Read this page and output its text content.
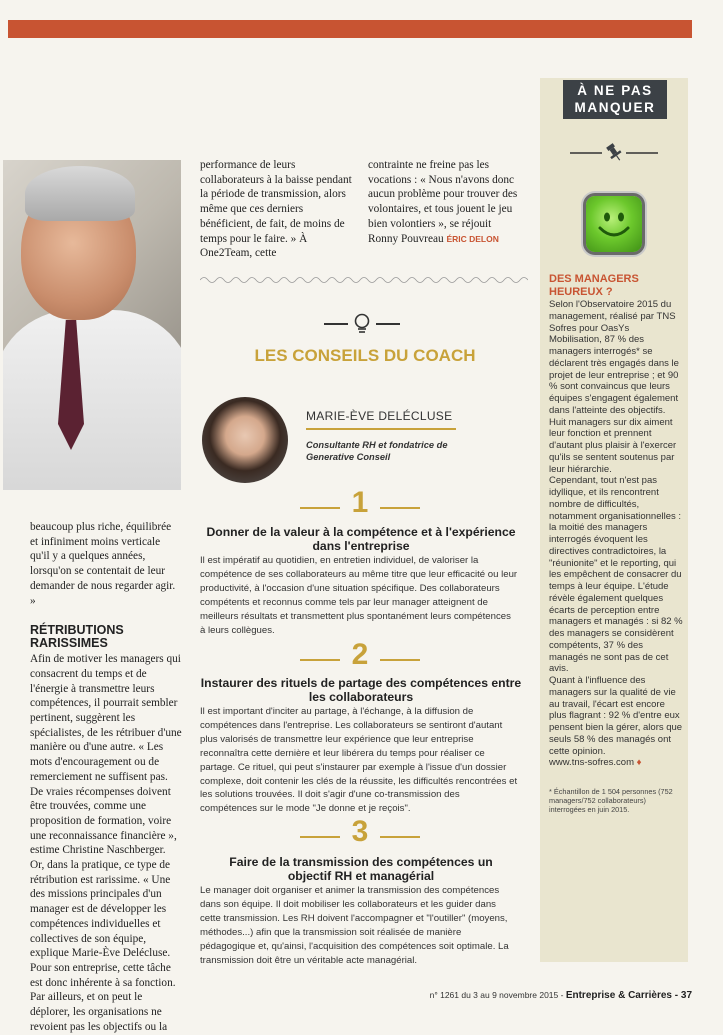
performance de leurs collaborateurs à la baisse pendant la période de transmission, alors même que ces derniers bénéficient, de fait, de moins de temps pour le faire. » À One2Team, cette
contrainte ne freine pas les vocations : « Nous n'avons donc aucun problème pour trouver des volontaires, et tous jouent le jeu bien volontiers », se réjouit Ronny Pouvreau ÉRIC DELON
LES CONSEILS DU COACH
MARIE-ÈVE DELÉCLUSE
Consultante RH et fondatrice de Generative Conseil
1
Donner de la valeur à la compétence et à l'expérience dans l'entreprise
Il est impératif au quotidien, en entretien individuel, de valoriser la compétence de ses collaborateurs au même titre que leur efficacité ou leur productivité, à l'occasion d'une situation spécifique. Des collaborateurs compétents et reconnus comme tels par leur manager atteignent de meilleurs résultats et transmettent plus spontanément leurs compétences à leurs collègues.
2
Instaurer des rituels de partage des compétences entre les collaborateurs
Il est important d'inciter au partage, à l'échange, à la diffusion de compétences dans l'entreprise. Les collaborateurs se sentiront d'autant plus valorisés de transmettre leur expérience que leur entreprise reconnaîtra cette dernière et leur libérera du temps pour réaliser ce partage. Ce rituel, qui peut s'instaurer par exemple à l'issue d'un dossier complexe, doit contenir les clés de la réussite, les difficultés rencontrées et les solutions trouvées. Il doit s'agir d'une co-transmission des compétences sur le mode "Je donne et je reçois".
3
Faire de la transmission des compétences un objectif RH et managérial
Le manager doit organiser et animer la transmission des compétences dans son équipe. Il doit mobiliser les collaborateurs et les guider dans cette transmission. Les RH doivent l'accompagner et "l'outiller" (moyens, méthodes...) afin que la transmission soit réalisée de manière pédagogique et, qu'ainsi, l'acquisition des compétences soit optimale. La transmission doit être un véritable acte managérial.
beaucoup plus riche, équilibrée et infiniment moins verticale qu'il y a quelques années, lorsqu'on se contentait de leur demander de nous regarder agir. »
RÉTRIBUTIONS RARISSIMES
Afin de motiver les managers qui consacrent du temps et de l'énergie à transmettre leurs compétences, il pourrait sembler pertinent, suggèrent les spécialistes, de les rétribuer d'une manière ou d'une autre. « Les mots d'encouragement ou de remerciement ne suffisent pas. De vraies récompenses doivent être trouvées, comme une proposition de formation, voire une reconnaissance financière », estime Christine Naschberger. Or, dans la pratique, ce type de rétribution est rarissime. « Une des missions principales d'un manager est de développer les compétences individuelles et collectives de son équipe, explique Marie-Ève Delécluse. Pour son entreprise, cette tâche est donc inhérente à sa fonction. Par ailleurs, et on peut le déplorer, les organisations ne revoient pas les objectifs ou la
À NE PAS
MANQUER
DES MANAGERS HEUREUX ?

Selon l'Observatoire 2015 du management, réalisé par TNS Sofres pour OasYs Mobilisation, 87 % des managers interrogés* se déclarent très engagés dans le projet de leur entreprise ; et 90 % sont convaincus que leurs équipes s'engagent également dans l'atteinte des objectifs.

Huit managers sur dix aiment leur fonction et prennent d'autant plus plaisir à l'exercer qu'ils se sentent soutenus par leur hiérarchie.

Cependant, tout n'est pas idyllique, et ils rencontrent nombre de difficultés, notamment organisationnelles : la moitié des managers interrogés évoquent les directives contradictoires, la "réunionite" et le reporting, qui les empêchent de consacrer du temps à leur équipe. L'étude révèle également quelques écarts de perception entre managers et managés : si 82 % des managers se considèrent compétents, 37 % des managés ne sont pas de cet avis.

Quant à l'influence des managers sur la qualité de vie au travail, l'écart est encore plus flagrant : 92 % d'entre eux pensent bien la gérer, alors que seuls 58 % des managés ont cette opinion.

www.tns-sofres.com ♦

* Échantillon de 1 504 personnes (752 managers/752 collaborateurs) interrogées en juin 2015.
n° 1261 du 3 au 9 novembre 2015 - Entreprise & Carrières - 37
